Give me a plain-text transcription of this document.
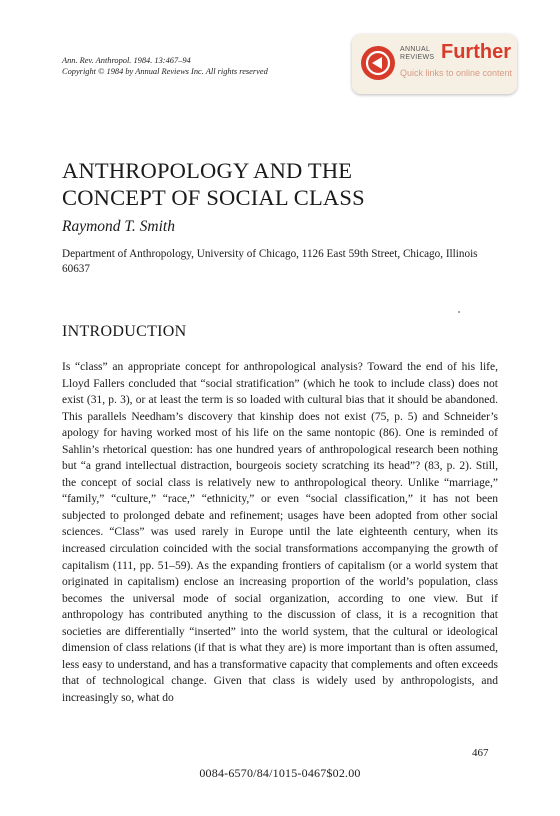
Ann. Rev. Anthropol. 1984. 13:467–94
Copyright © 1984 by Annual Reviews Inc. All rights reserved
ANNUAL
REVIEWS Further
Quick links to online content
ANTHROPOLOGY AND THE
CONCEPT OF SOCIAL CLASS
Raymond T. Smith
Department of Anthropology, University of Chicago, 1126 East 59th Street, Chicago, Illinois 60637
INTRODUCTION

Is “class” an appropriate concept for anthropological analysis? Toward the end of his life, Lloyd Fallers concluded that “social stratification” (which he took to include class) does not exist (31, p. 3), or at least the term is so loaded with cultural bias that it should be abandoned. This parallels Needham’s discovery that kinship does not exist (75, p. 5) and Schneider’s apology for having worked most of his life on the same nontopic (86). One is reminded of Sahlin’s rhetorical question: has one hundred years of anthropological research been nothing but “a grand intellectual distraction, bourgeois society scratching its head”? (83, p. 2). Still, the concept of social class is relatively new to anthropological theory. Unlike “marriage,” “family,” “culture,” “race,” “ethnicity,” or even “social classification,” it has not been subjected to prolonged debate and refinement; usages have been adopted from other social sciences. “Class” was used rarely in Europe until the late eighteenth century, when its increased circulation coincided with the social transformations accompanying the growth of capitalism (111, pp. 51–59). As the expanding frontiers of capitalism (or a world system that originated in capitalism) enclose an increasing proportion of the world’s population, class becomes the universal mode of social organization, according to one view. But if anthropology has contributed anything to the discussion of class, it is a recognition that societies are differentially “inserted” into the world system, that the cultural or ideological dimension of class relations (if that is what they are) is more important than is often assumed, less easy to understand, and has a transformative capacity that complements and often exceeds that of technological change. Given that class is widely used by anthropologists, and increasingly so, what do

467
0084-6570/84/1015-0467$02.00
